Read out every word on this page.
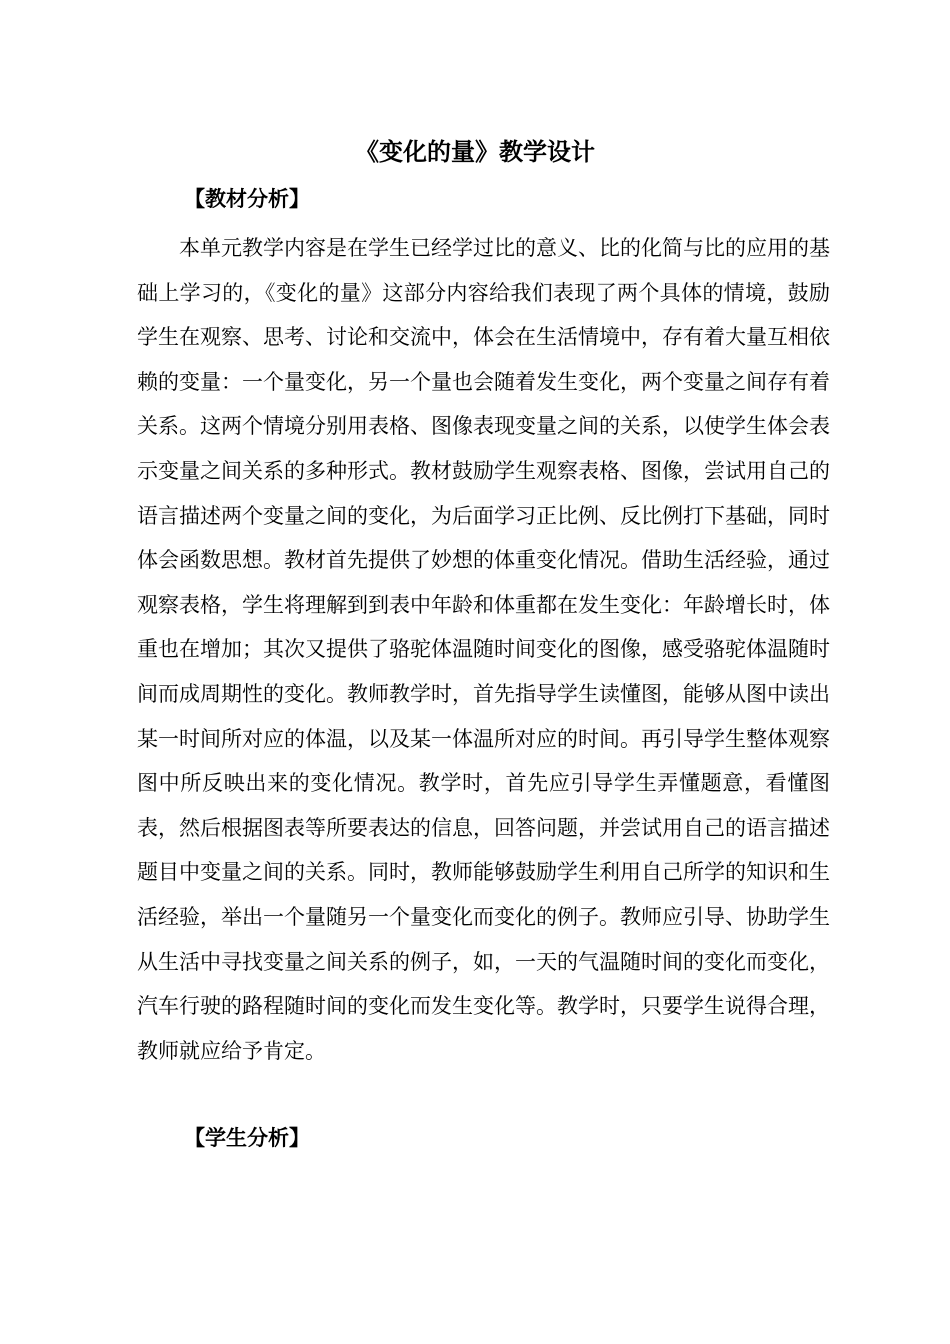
《变化的量》教学设计
【教材分析】

本单元教学内容是在学生已经学过比的意义、比的化简与比的应用的基础上学习的，《变化的量》这部分内容给我们表现了两个具体的情境，鼓励学生在观察、思考、讨论和交流中，体会在生活情境中，存有着大量互相依赖的变量：一个量变化，另一个量也会随着发生变化，两个变量之间存有着关系。这两个情境分别用表格、图像表现变量之间的关系，以使学生体会表示变量之间关系的多种形式。教材鼓励学生观察表格、图像，尝试用自己的语言描述两个变量之间的变化，为后面学习正比例、反比例打下基础，同时体会函数思想。教材首先提供了妙想的体重变化情况。借助生活经验，通过观察表格，学生将理解到到表中年龄和体重都在发生变化：年龄增长时，体重也在增加；其次又提供了骆驼体温随时间变化的图像，感受骆驼体温随时间而成周期性的变化。教师教学时，首先指导学生读懂图，能够从图中读出某一时间所对应的体温，以及某一体温所对应的时间。再引导学生整体观察图中所反映出来的变化情况。教学时，首先应引导学生弄懂题意，看懂图表，然后根据图表等所要表达的信息，回答问题，并尝试用自己的语言描述题目中变量之间的关系。同时，教师能够鼓励学生利用自己所学的知识和生活经验，举出一个量随另一个量变化而变化的例子。教师应引导、协助学生从生活中寻找变量之间关系的例子，如，一天的气温随时间的变化而变化，汽车行驶的路程随时间的变化而发生变化等。教学时，只要学生说得合理，教师就应给予肯定。

【学生分析】
